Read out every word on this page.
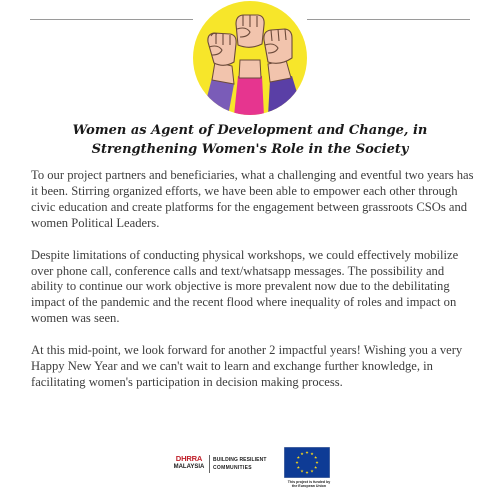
Women as Agent of Development and Change, in
Strengthening Women's Role in the Society

To our project partners and beneficiaries, what a challenging and eventful two years has it been. Stirring organized efforts, we have been able to empower each other through civic education and create platforms for the engagement between grassroots CSOs and women Political Leaders.

Despite limitations of conducting physical workshops, we could effectively mobilize over phone call, conference calls and text/whatsapp messages. The possibility and ability to continue our work objective is more prevalent now due to the debilitating impact of the pandemic and the recent flood where inequality of roles and impact on women was seen.

At this mid-point, we look forward for another 2 impactful years! Wishing you a very Happy New Year and we can't wait to learn and exchange further knowledge, in facilitating women's participation in decision making process.

DHRRA
MALAYSIA
BUILDING RESILIENT
COMMUNITIES
This project is funded by
the European Union
